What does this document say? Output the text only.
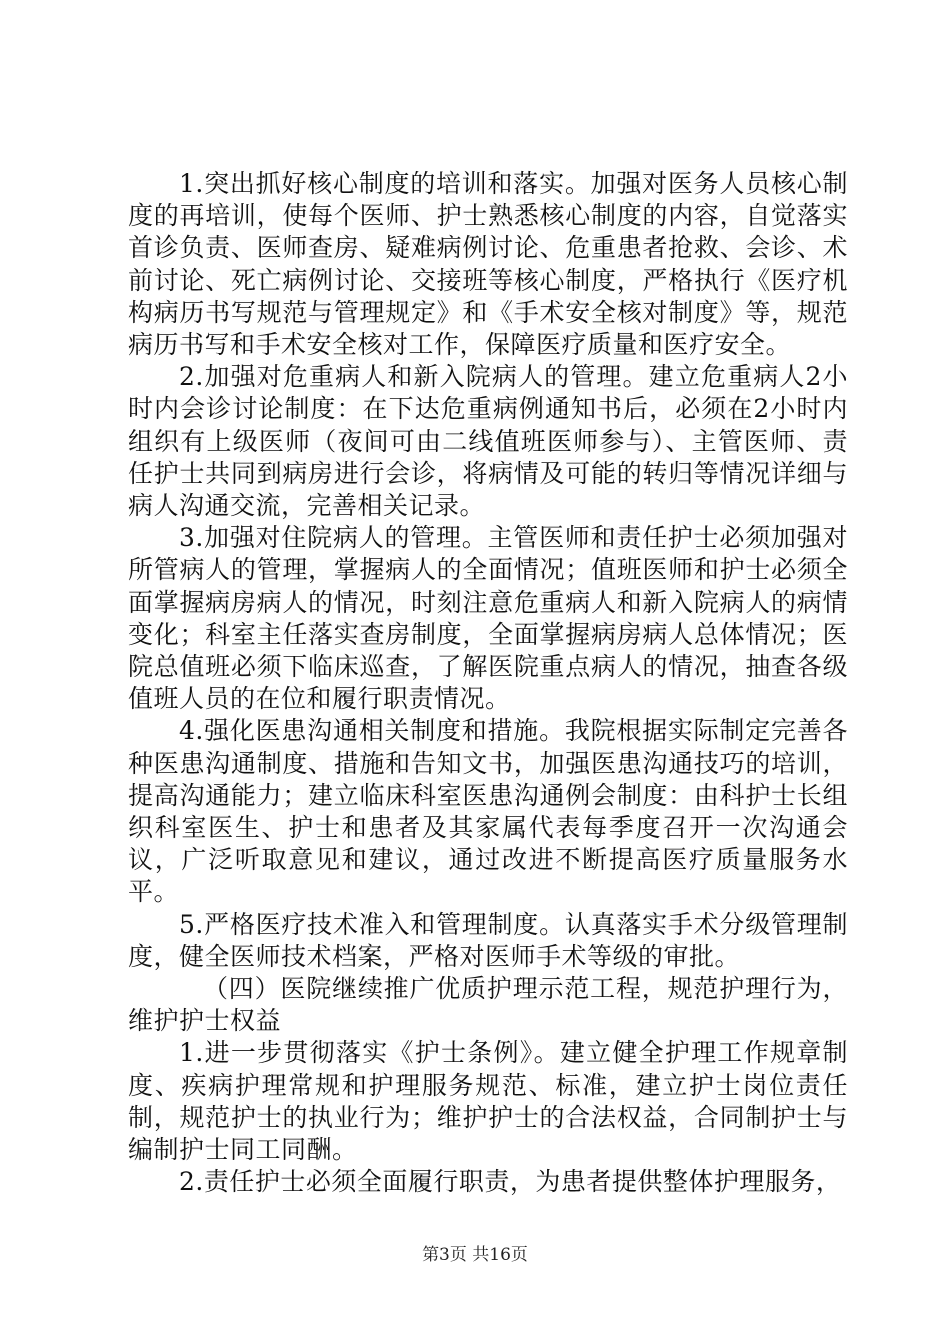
1.突出抓好核心制度的培训和落实。加强对医务人员核心制度的再培训，使每个医师、护士熟悉核心制度的内容，自觉落实首诊负责、医师查房、疑难病例讨论、危重患者抢救、会诊、术前讨论、死亡病例讨论、交接班等核心制度，严格执行《医疗机构病历书写规范与管理规定》和《手术安全核对制度》等，规范病历书写和手术安全核对工作，保障医疗质量和医疗安全。

2.加强对危重病人和新入院病人的管理。建立危重病人2小时内会诊讨论制度：在下达危重病例通知书后，必须在2小时内组织有上级医师（夜间可由二线值班医师参与）、主管医师、责任护士共同到病房进行会诊，将病情及可能的转归等情况详细与病人沟通交流，完善相关记录。

3.加强对住院病人的管理。主管医师和责任护士必须加强对所管病人的管理，掌握病人的全面情况；值班医师和护士必须全面掌握病房病人的情况，时刻注意危重病人和新入院病人的病情变化；科室主任落实查房制度，全面掌握病房病人总体情况；医院总值班必须下临床巡查，了解医院重点病人的情况，抽查各级值班人员的在位和履行职责情况。

4.强化医患沟通相关制度和措施。我院根据实际制定完善各种医患沟通制度、措施和告知文书，加强医患沟通技巧的培训，提高沟通能力；建立临床科室医患沟通例会制度：由科护士长组织科室医生、护士和患者及其家属代表每季度召开一次沟通会议，广泛听取意见和建议，通过改进不断提高医疗质量服务水平。

5.严格医疗技术准入和管理制度。认真落实手术分级管理制度，健全医师技术档案，严格对医师手术等级的审批。

（四）医院继续推广优质护理示范工程，规范护理行为，维护护士权益

1.进一步贯彻落实《护士条例》。建立健全护理工作规章制度、疾病护理常规和护理服务规范、标准，建立护士岗位责任制，规范护士的执业行为；维护护士的合法权益，合同制护士与编制护士同工同酬。

2.责任护士必须全面履行职责，为患者提供整体护理服务，

第3页 共16页
